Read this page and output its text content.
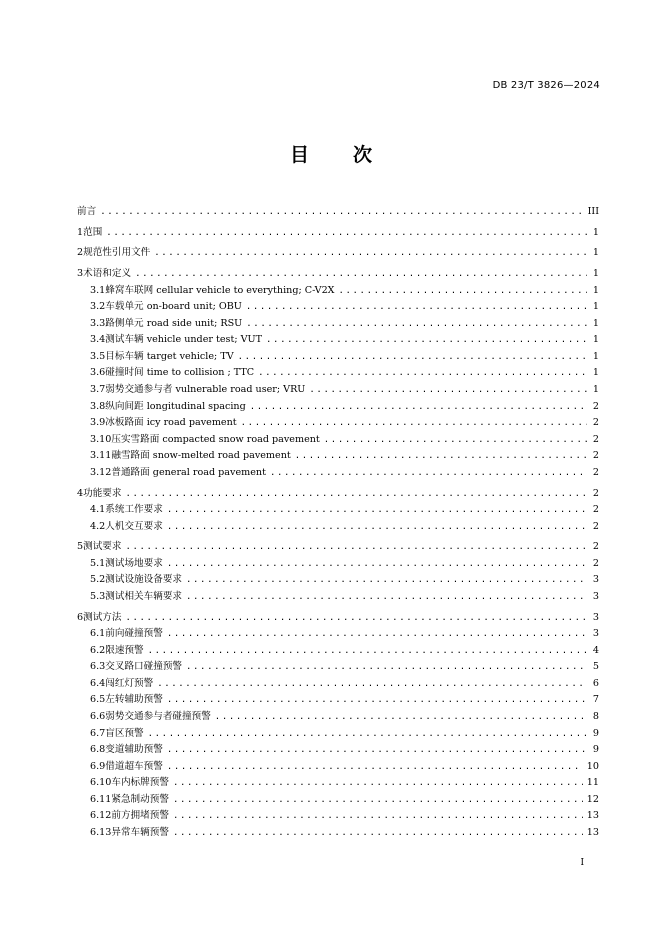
DB 23/T 3826—2024
目次
前言 .....	III
1 范围 .....	1
2 规范性引用文件 .....	1
3 术语和定义 .....	1
3.1 蜂窝车联网 cellular vehicle to everything; C-V2X .....	1
3.2 车载单元 on-board unit; OBU .....	1
3.3 路侧单元 road side unit; RSU .....	1
3.4 测试车辆 vehicle under test; VUT .....	1
3.5 目标车辆 target vehicle; TV .....	1
3.6 碰撞时间 time to collision ; TTC .....	1
3.7 弱势交通参与者 vulnerable road user; VRU .....	1
3.8 纵向间距 longitudinal spacing .....	2
3.9 冰板路面 icy road pavement .....	2
3.10 压实雪路面 compacted snow road pavement .....	2
3.11 融雪路面 snow-melted road pavement .....	2
3.12 普通路面 general road pavement .....	2
4 功能要求 .....	2
4.1 系统工作要求 .....	2
4.2 人机交互要求 .....	2
5 测试要求 .....	2
5.1 测试场地要求 .....	2
5.2 测试设施设备要求 .....	3
5.3 测试相关车辆要求 .....	3
6 测试方法 .....	3
6.1 前向碰撞预警 .....	3
6.2 限速预警 .....	4
6.3 交叉路口碰撞预警 .....	5
6.4 闯红灯预警 .....	6
6.5 左转辅助预警 .....	7
6.6 弱势交通参与者碰撞预警 .....	8
6.7 盲区预警 .....	9
6.8 变道辅助预警 .....	9
6.9 借道超车预警 .....	10
6.10 车内标牌预警 .....	11
6.11 紧急制动预警 .....	12
6.12 前方拥堵预警 .....	13
6.13 异常车辆预警 .....	13
I
